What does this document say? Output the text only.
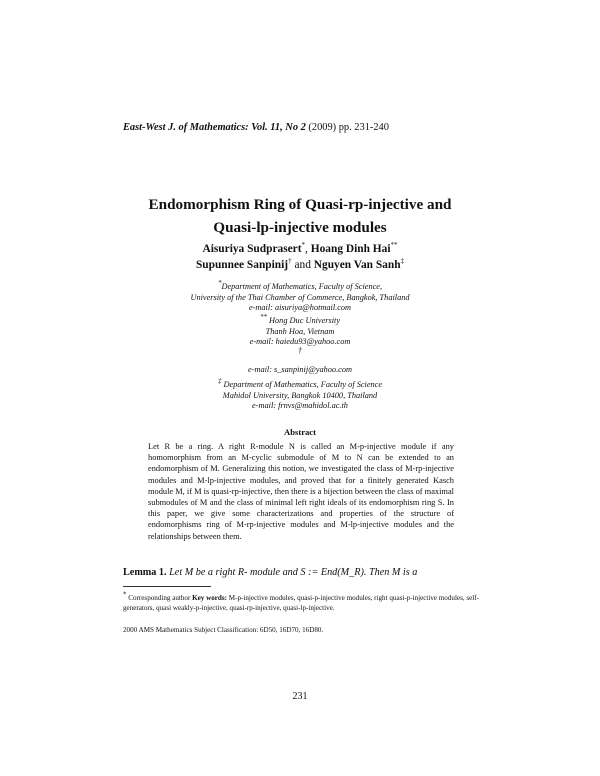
East-West J. of Mathematics: Vol. 11, No 2 (2009) pp. 231-240
Endomorphism Ring of Quasi-rp-injective and
Quasi-lp-injective modules
Aisuriya Sudprasert*, Hoang Dinh Hai**
Supunnee Sanpinij† and Nguyen Van Sanh‡
*Department of Mathematics, Faculty of Science,
University of the Thai Chamber of Commerce, Bangkok, Thailand
e-mail: aisuriya@hotmail.com
** Hong Duc University
Thanh Hoa, Vietnam
e-mail: haiedu93@yahoo.com
†
e-mail: s_sanpinij@yahoo.com
‡ Department of Mathematics, Faculty of Science
Mahidol University, Bangkok 10400, Thailand
e-mail: frnvs@mahidol.ac.th
Abstract
Let R be a ring. A right R-module N is called an M-p-injective module if any homomorphism from an M-cyclic submodule of M to N can be extended to an endomorphism of M. Generalizing this notion, we investigated the class of M-rp-injective modules and M-lp-injective modules, and proved that for a finitely generated Kasch module M, if M is quasi-rp-injective, then there is a bijection between the class of maximal submodules of M and the class of minimal left right ideals of its endomorphism ring S. In this paper, we give some characterizations and properties of the structure of endomorphisms ring of M-rp-injective modules and M-lp-injective modules and the relationships between them.
Lemma 1. Let M be a right R- module and S := End(M_R). Then M is a
* Corresponding author Key words: M-p-injective modules, quasi-p-injective modules, right quasi-p-injective modules, self-generators, quasi weakly-p-injective, quasi-rp-injective, quasi-lp-injective.
2000 AMS Mathematics Subject Classification: 6D50, 16D70, 16D80.
231
